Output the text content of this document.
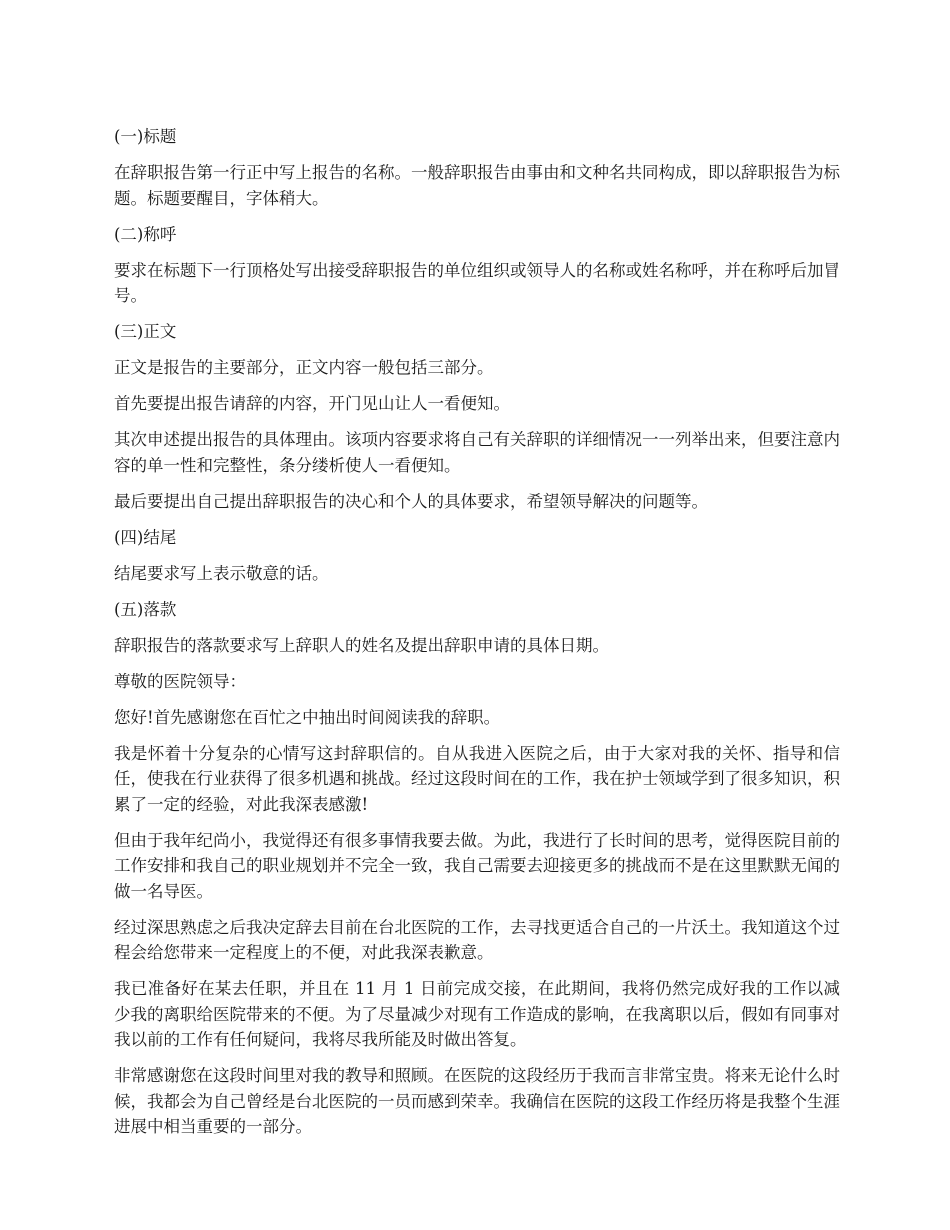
(一)标题

在辞职报告第一行正中写上报告的名称。一般辞职报告由事由和文种名共同构成，即以辞职报告为标题。标题要醒目，字体稍大。

(二)称呼

要求在标题下一行顶格处写出接受辞职报告的单位组织或领导人的名称或姓名称呼，并在称呼后加冒号。

(三)正文

正文是报告的主要部分，正文内容一般包括三部分。

首先要提出报告请辞的内容，开门见山让人一看便知。

其次申述提出报告的具体理由。该项内容要求将自己有关辞职的详细情况一一列举出来，但要注意内容的单一性和完整性，条分缕析使人一看便知。

最后要提出自己提出辞职报告的决心和个人的具体要求，希望领导解决的问题等。

(四)结尾

结尾要求写上表示敬意的话。

(五)落款

辞职报告的落款要求写上辞职人的姓名及提出辞职申请的具体日期。

尊敬的医院领导：

您好!首先感谢您在百忙之中抽出时间阅读我的辞职。

我是怀着十分复杂的心情写这封辞职信的。自从我进入医院之后，由于大家对我的关怀、指导和信任，使我在行业获得了很多机遇和挑战。经过这段时间在的工作，我在护士领域学到了很多知识，积累了一定的经验，对此我深表感激!

但由于我年纪尚小，我觉得还有很多事情我要去做。为此，我进行了长时间的思考，觉得医院目前的工作安排和我自己的职业规划并不完全一致，我自己需要去迎接更多的挑战而不是在这里默默无闻的做一名导医。

经过深思熟虑之后我决定辞去目前在台北医院的工作，去寻找更适合自己的一片沃土。我知道这个过程会给您带来一定程度上的不便，对此我深表歉意。

我已准备好在某去任职，并且在 11 月 1 日前完成交接，在此期间，我将仍然完成好我的工作以减少我的离职给医院带来的不便。为了尽量减少对现有工作造成的影响，在我离职以后，假如有同事对我以前的工作有任何疑问，我将尽我所能及时做出答复。

非常感谢您在这段时间里对我的教导和照顾。在医院的这段经历于我而言非常宝贵。将来无论什么时候，我都会为自己曾经是台北医院的一员而感到荣幸。我确信在医院的这段工作经历将是我整个生涯进展中相当重要的一部分。
